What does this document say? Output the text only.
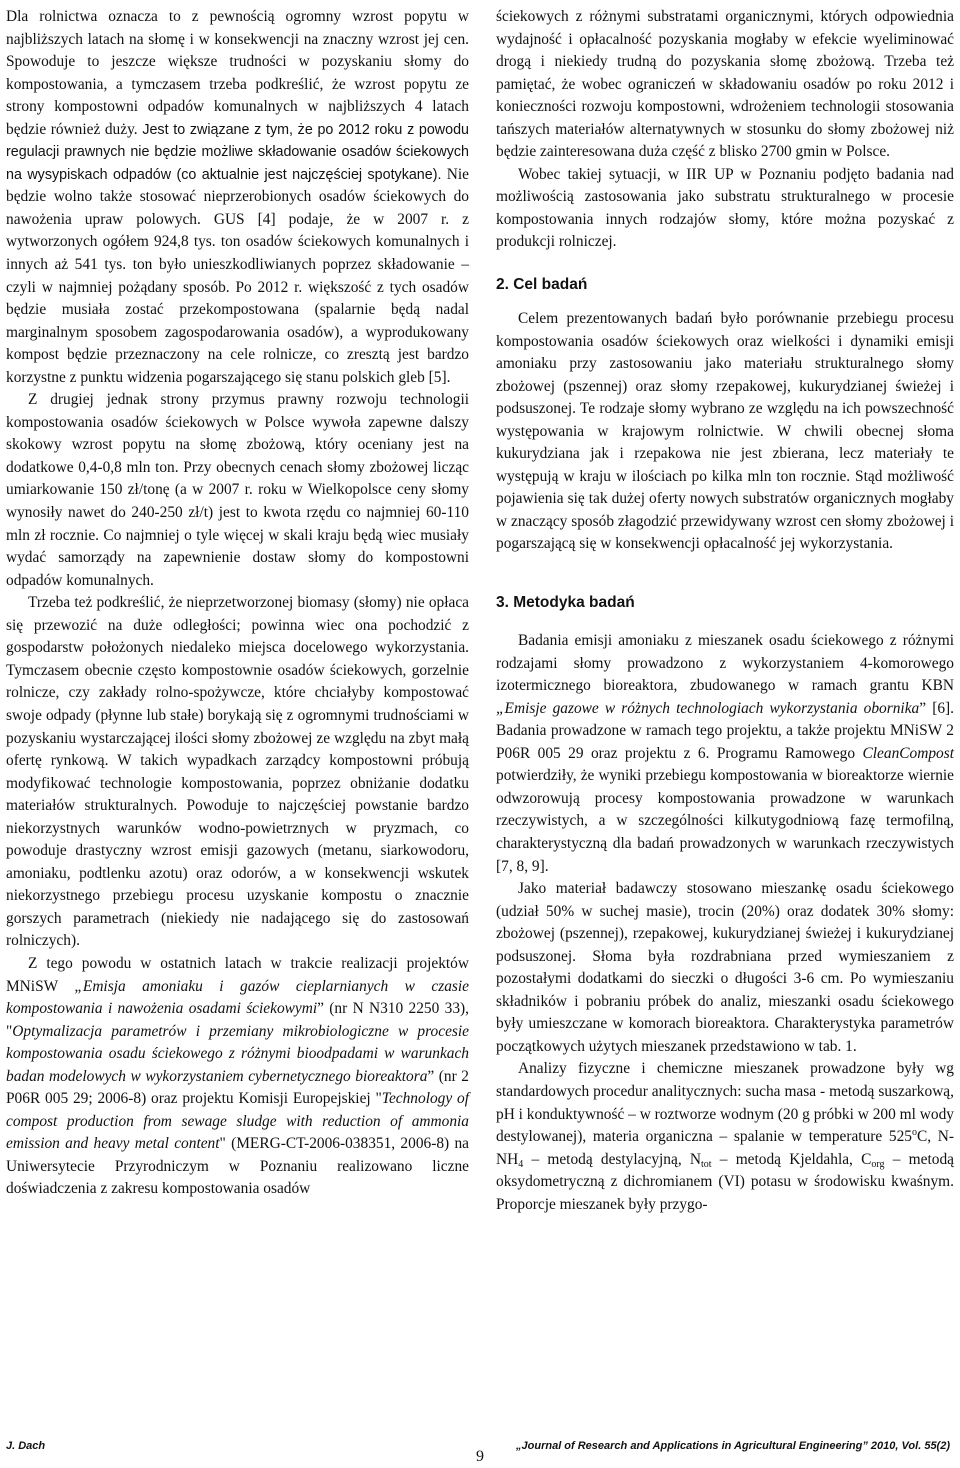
Dla rolnictwa oznacza to z pewnością ogromny wzrost popytu w najbliższych latach na słomę i w konsekwencji na znaczny wzrost jej cen. Spowoduje to jeszcze większe trudności w pozyskaniu słomy do kompostowania, a tymczasem trzeba podkreślić, że wzrost popytu ze strony kompostowni odpadów komunalnych w najbliższych 4 latach będzie również duży. Jest to związane z tym, że po 2012 roku z powodu regulacji prawnych nie będzie możliwe składowanie osadów ściekowych na wysypiskach odpadów (co aktualnie jest najczęściej spotykane). Nie będzie wolno także stosować nieprzerobionych osadów ściekowych do nawożenia upraw polowych. GUS [4] podaje, że w 2007 r. z wytworzonych ogółem 924,8 tys. ton osadów ściekowych komunalnych i innych aż 541 tys. ton było unieszkodliwianych poprzez składowanie – czyli w najmniej pożądany sposób. Po 2012 r. większość z tych osadów będzie musiała zostać przekompostowana (spalarnie będą nadal marginalnym sposobem zagospodarowania osadów), a wyprodukowany kompost będzie przeznaczony na cele rolnicze, co zresztą jest bardzo korzystne z punktu widzenia pogarszającego się stanu polskich gleb [5].

Z drugiej jednak strony przymus prawny rozwoju technologii kompostowania osadów ściekowych w Polsce wywoła zapewne dalszy skokowy wzrost popytu na słomę zbożową, który oceniany jest na dodatkowe 0,4-0,8 mln ton. Przy obecnych cenach słomy zbożowej licząc umiarkowanie 150 zł/tonę (a w 2007 r. roku w Wielkopolsce ceny słomy wynosiły nawet do 240-250 zł/t) jest to kwota rzędu co najmniej 60-110 mln zł rocznie. Co najmniej o tyle więcej w skali kraju będą wiec musiały wydać samorządy na zapewnienie dostaw słomy do kompostowni odpadów komunalnych.

Trzeba też podkreślić, że nieprzetworzonej biomasy (słomy) nie opłaca się przewozić na duże odległości; powinna wiec ona pochodzić z gospodarstw położonych niedaleko miejsca docelowego wykorzystania. Tymczasem obecnie często kompostownie osadów ściekowych, gorzelnie rolnicze, czy zakłady rolno-spożywcze, które chciałyby kompostować swoje odpady (płynne lub stałe) borykają się z ogromnymi trudnościami w pozyskaniu wystarczającej ilości słomy zbożowej ze względu na zbyt małą ofertę rynkową. W takich wypadkach zarządcy kompostowni próbują modyfikować technologie kompostowania, poprzez obniżanie dodatku materiałów strukturalnych. Powoduje to najczęściej powstanie bardzo niekorzystnych warunków wodno-powietrznych w pryzmach, co powoduje drastyczny wzrost emisji gazowych (metanu, siarkowodoru, amoniaku, podtlenku azotu) oraz odorów, a w konsekwencji wskutek niekorzystnego przebiegu procesu uzyskanie kompostu o znacznie gorszych parametrach (niekiedy nie nadającego się do zastosowań rolniczych).

Z tego powodu w ostatnich latach w trakcie realizacji projektów MNiSW „Emisja amoniaku i gazów cieplarnianych w czasie kompostowania i nawożenia osadami ściekowymi” (nr N N310 2250 33), "Optymalizacja parametrów i przemiany mikrobiologiczne w procesie kompostowania osadu ściekowego z różnymi bioodpadami w warunkach badan modelowych w wykorzystaniem cybernetycznego bioreaktora” (nr 2 P06R 005 29; 2006-8) oraz projektu Komisji Europejskiej "Technology of compost production from sewage sludge with reduction of ammonia emission and heavy metal content" (MERG-CT-2006-038351, 2006-8) na Uniwersytecie Przyrodniczym w Poznaniu realizowano liczne doświadczenia z zakresu kompostowania osadów

ściekowych z różnymi substratami organicznymi, których odpowiednia wydajność i opłacalność pozyskania mogłaby w efekcie wyeliminować drogą i niekiedy trudną do pozyskania słomę zbożową. Trzeba też pamiętać, że wobec ograniczeń w składowaniu osadów po roku 2012 i konieczności rozwoju kompostowni, wdrożeniem technologii stosowania tańszych materiałów alternatywnych w stosunku do słomy zbożowej niż będzie zainteresowana duża część z blisko 2700 gmin w Polsce.

Wobec takiej sytuacji, w IIR UP w Poznaniu podjęto badania nad możliwością zastosowania jako substratu strukturalnego w procesie kompostowania innych rodzajów słomy, które można pozyskać z produkcji rolniczej.

2. Cel badań

Celem prezentowanych badań było porównanie przebiegu procesu kompostowania osadów ściekowych oraz wielkości i dynamiki emisji amoniaku przy zastosowaniu jako materiału strukturalnego słomy zbożowej (pszennej) oraz słomy rzepakowej, kukurydzianej świeżej i podsuszonej. Te rodzaje słomy wybrano ze względu na ich powszechność występowania w krajowym rolnictwie. W chwili obecnej słoma kukurydziana jak i rzepakowa nie jest zbierana, lecz materiały te występują w kraju w ilościach po kilka mln ton rocznie. Stąd możliwość pojawienia się tak dużej oferty nowych substratów organicznych mogłaby w znaczący sposób złagodzić przewidywany wzrost cen słomy zbożowej i pogarszającą się w konsekwencji opłacalność jej wykorzystania.

3. Metodyka badań

Badania emisji amoniaku z mieszanek osadu ściekowego z różnymi rodzajami słomy prowadzono z wykorzystaniem 4-komorowego izotermicznego bioreaktora, zbudowanego w ramach grantu KBN „Emisje gazowe w różnych technologiach wykorzystania obornika” [6]. Badania prowadzone w ramach tego projektu, a także projektu MNiSW 2 P06R 005 29 oraz projektu z 6. Programu Ramowego CleanCompost potwierdziły, że wyniki przebiegu kompostowania w bioreaktorze wiernie odwzorowują procesy kompostowania prowadzone w warunkach rzeczywistych, a w szczególności kilkutygodniową fazę termofilną, charakterystyczną dla badań prowadzonych w warunkach rzeczywistych [7, 8, 9].

Jako materiał badawczy stosowano mieszankę osadu ściekowego (udział 50% w suchej masie), trocin (20%) oraz dodatek 30% słomy: zbożowej (pszennej), rzepakowej, kukurydzianej świeżej i kukurydzianej podsuszonej. Słoma była rozdrabniana przed wymieszaniem z pozostałymi dodatkami do sieczki o długości 3-6 cm. Po wymieszaniu składników i pobraniu próbek do analiz, mieszanki osadu ściekowego były umieszczane w komorach bioreaktora. Charakterystyka parametrów początkowych użytych mieszanek przedstawiono w tab. 1.

Analizy fizyczne i chemiczne mieszanek prowadzone były wg standardowych procedur analitycznych: sucha masa - metodą suszarkową, pH i konduktywność – w roztworze wodnym (20 g próbki w 200 ml wody destylowanej), materia organiczna – spalanie w temperature 525$^o$C, $N-NH_4$ – metodą destylacyjną, $N_{tot}$ – metodą Kjeldahla, $C_{org}$ – metodą oksydometryczną z dichromianem (VI) potasu w środowisku kwaśnym. Proporcje mieszanek były przygo-

J. Dach
9
„Journal of Research and Applications in Agricultural Engineering” 2010, Vol. 55(2)
